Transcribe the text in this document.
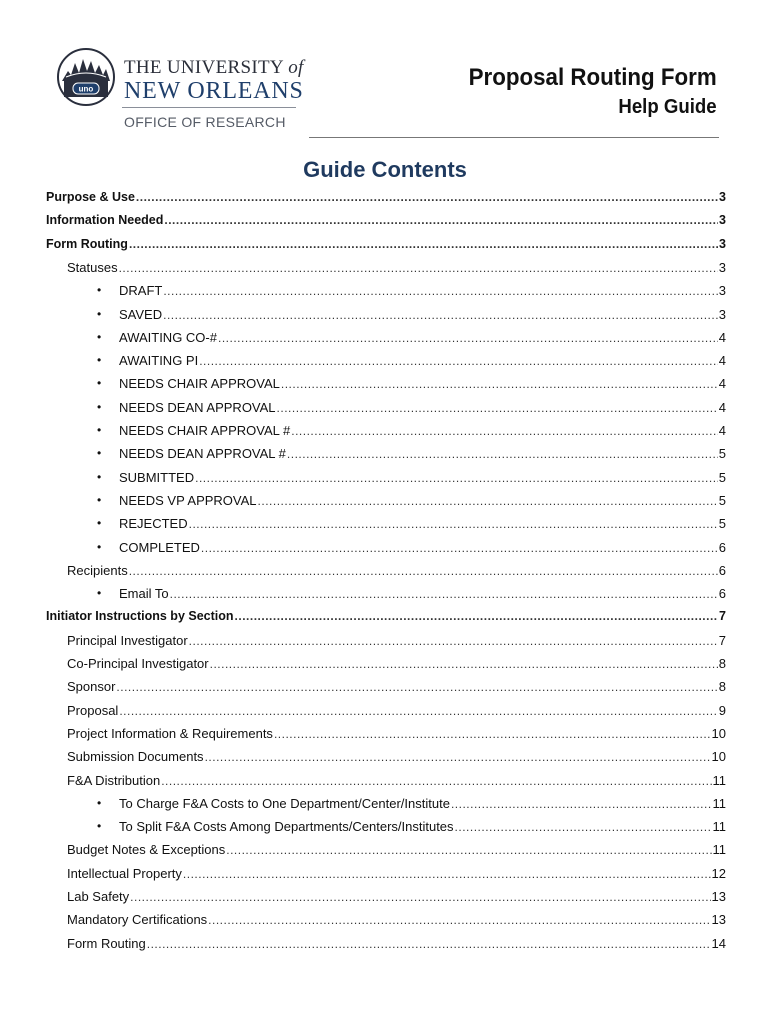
uno
THE UNIVERSITY of
NEW ORLEANS
OFFICE OF RESEARCH
Proposal Routing Form
Help Guide
Guide Contents
Purpose & Use .....	3
Information Needed .....	3
Form Routing .....	3
Statuses .....	3
• DRAFT .....	3
• SAVED .....	3
• AWAITING CO-# .....	4
• AWAITING PI .....	4
• NEEDS CHAIR APPROVAL .....	4
• NEEDS DEAN APPROVAL .....	4
• NEEDS CHAIR APPROVAL # .....	4
• NEEDS DEAN APPROVAL # .....	5
• SUBMITTED .....	5
• NEEDS VP APPROVAL .....	5
• REJECTED .....	5
• COMPLETED .....	6
Recipients .....	6
• Email To .....	6
Initiator Instructions by Section .....	7
Principal Investigator .....	7
Co-Principal Investigator .....	8
Sponsor .....	8
Proposal .....	9
Project Information & Requirements .....	10
Submission Documents .....	10
F&A Distribution .....	11
• To Charge F&A Costs to One Department/Center/Institute .....	11
• To Split F&A Costs Among Departments/Centers/Institutes .....	11
Budget Notes & Exceptions .....	11
Intellectual Property .....	12
Lab Safety .....	13
Mandatory Certifications .....	13
Form Routing .....	14
